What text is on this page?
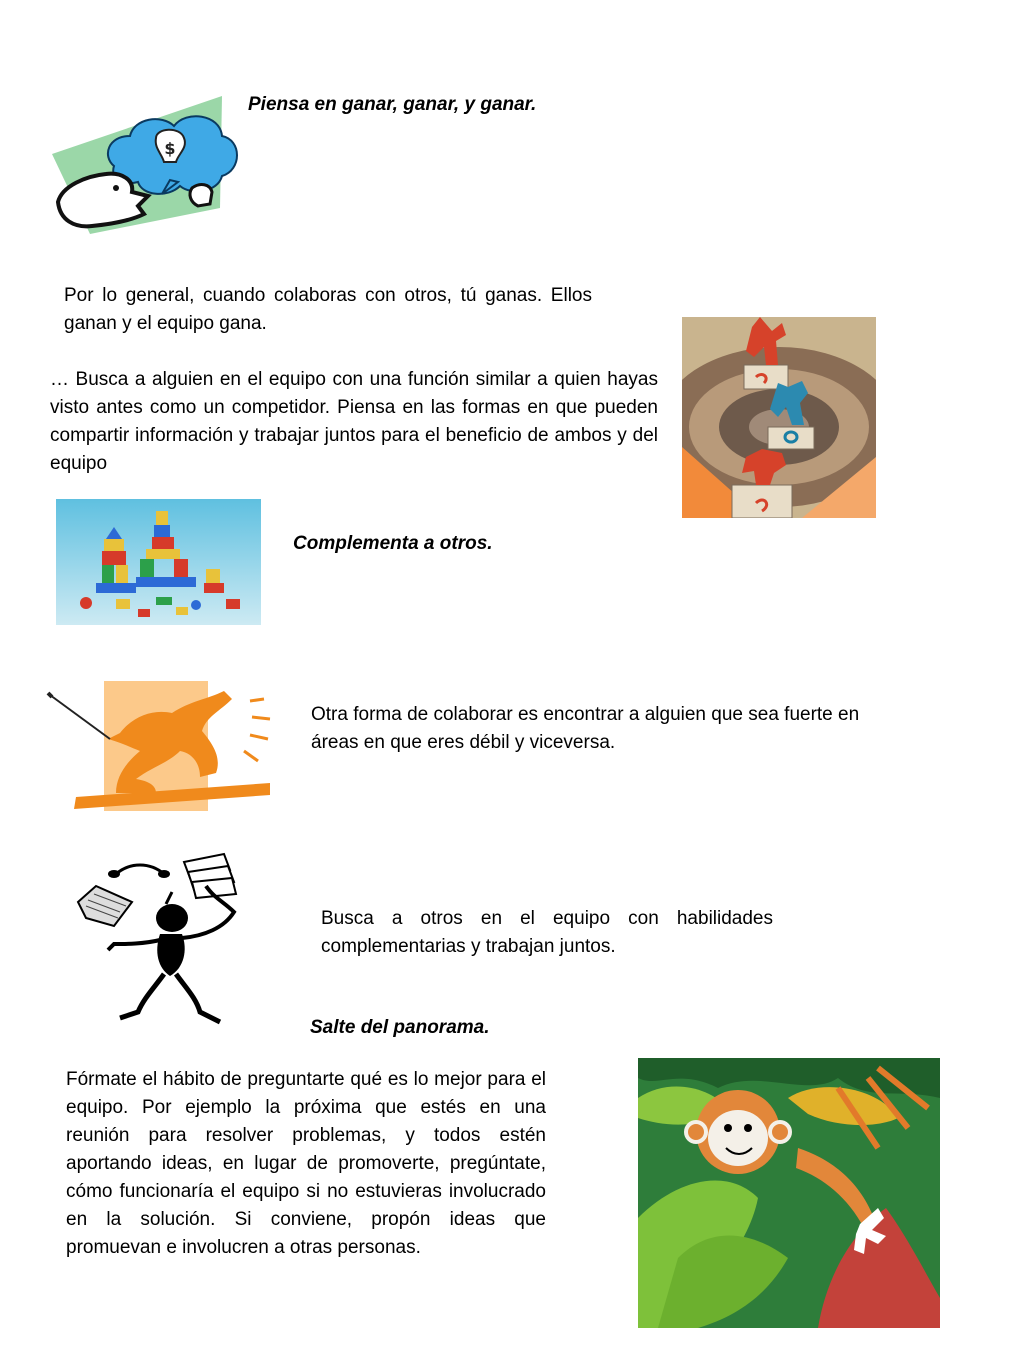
Piensa en ganar, ganar, y ganar.
$
Por lo general, cuando colaboras con otros, tú ganas. Ellos ganan y el equipo gana.
… Busca a alguien en el equipo con una función similar a quien hayas visto antes como un competidor. Piensa en las formas en que pueden compartir información y trabajar juntos para el beneficio de ambos y del equipo
Complementa a otros.
Otra forma de colaborar es encontrar a alguien que sea fuerte en áreas en que eres débil y viceversa.
Busca a otros en el equipo con habilidades complementarias y trabajan juntos.
Salte del panorama.
Fórmate el hábito de preguntarte qué es lo mejor para el equipo. Por ejemplo la próxima que estés en una reunión para resolver problemas, y todos estén aportando ideas, en lugar de promoverte, pregúntate, cómo funcionaría el equipo si no estuvieras involucrado en la solución. Si conviene, propón ideas que promuevan e involucren a otras personas.
